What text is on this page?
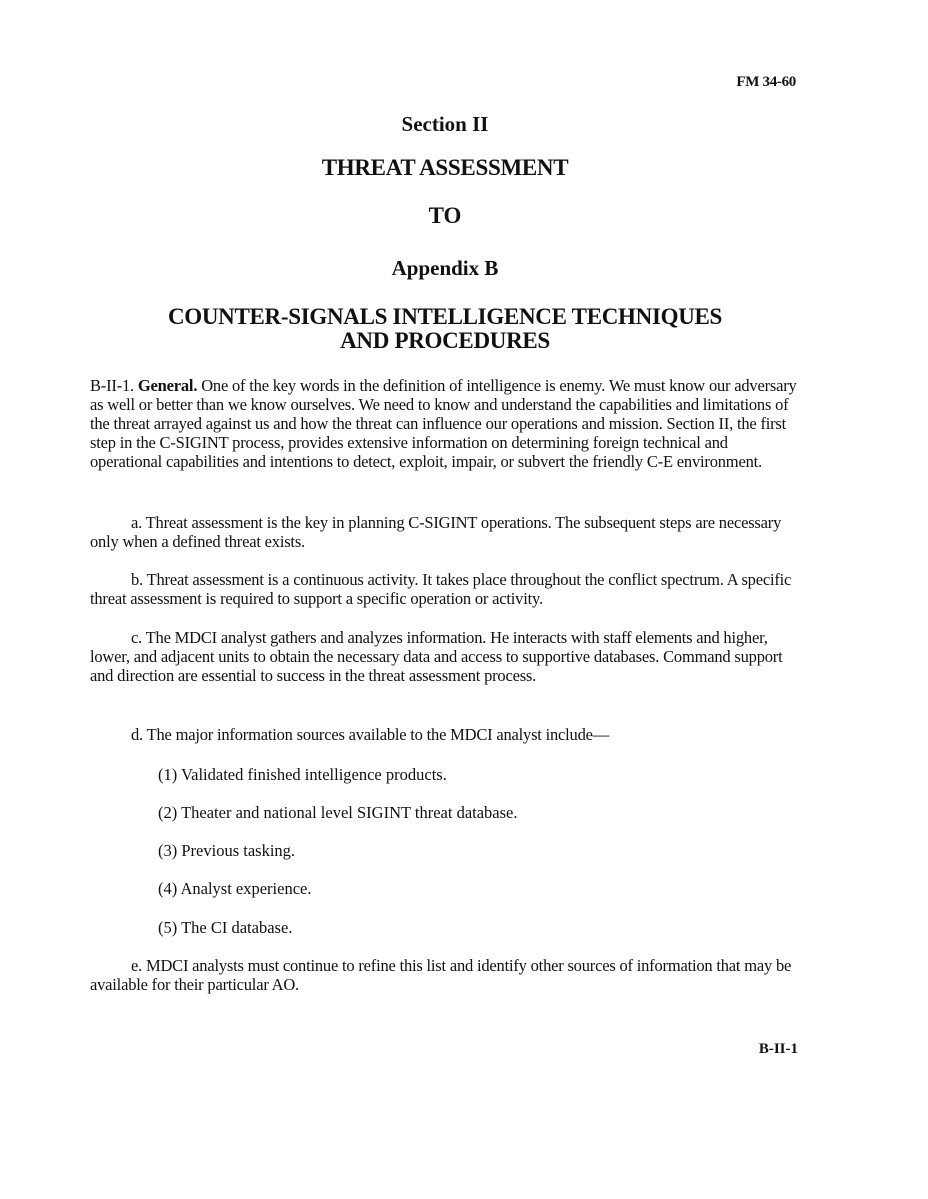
FM 34-60
Section II
THREAT ASSESSMENT
TO
Appendix B
COUNTER-SIGNALS INTELLIGENCE TECHNIQUES AND PROCEDURES

B-II-1. General. One of the key words in the definition of intelligence is enemy. We must know our adversary as well or better than we know ourselves. We need to know and understand the capabilities and limitations of the threat arrayed against us and how the threat can influence our operations and mission. Section II, the first step in the C-SIGINT process, provides extensive information on determining foreign technical and operational capabilities and intentions to detect, exploit, impair, or subvert the friendly C-E environment.

a. Threat assessment is the key in planning C-SIGINT operations. The subsequent steps are necessary only when a defined threat exists.

b. Threat assessment is a continuous activity. It takes place throughout the conflict spectrum. A specific threat assessment is required to support a specific operation or activity.

c. The MDCI analyst gathers and analyzes information. He interacts with staff elements and higher, lower, and adjacent units to obtain the necessary data and access to supportive databases. Command support and direction are essential to success in the threat assessment process.

d. The major information sources available to the MDCI analyst include—

(1) Validated finished intelligence products.

(2) Theater and national level SIGINT threat database.

(3) Previous tasking.

(4) Analyst experience.

(5) The CI database.

e. MDCI analysts must continue to refine this list and identify other sources of information that may be available for their particular AO.

B-II-1
